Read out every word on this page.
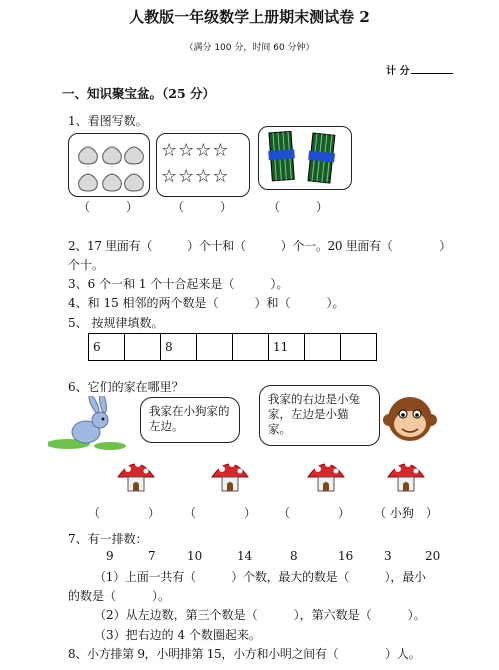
人教版一年级数学上册期末测试卷 2
（满分 100 分，时间 60 分钟）
计 分
一、知识聚宝盆。（25 分）
1、看图写数。
☆☆☆☆
☆☆☆☆
（　　　）	（　　　）	（　　　）
2、17 里面有（　　　）个十和（　　　）个一。20 里面有（　　　　）
个十。
3、6 个一和 1 个十合起来是（　　　）。
4、和 15 相邻的两个数是（　　　）和（　　　）。
5、 按规律填数。
6		8			11		
6、它们的家在哪里？
我家在小狗家的左边。
我家的右边是小兔家，左边是小猫家。
（　　　　） （　　　　） （　　　　） （ 小狗　）
7、有一排数：
9	7	10	14	8	16	3	20
（1）上面一共有（　　　）个数，最大的数是（　　　），最小
的数是（　　　）。
（2）从左边数，第三个数是（　　　），第六数是（　　　）。
（3）把右边的 4 个数圈起来。
8、小方排第 9，小明排第 15，小方和小明之间有（　　　　）人。
